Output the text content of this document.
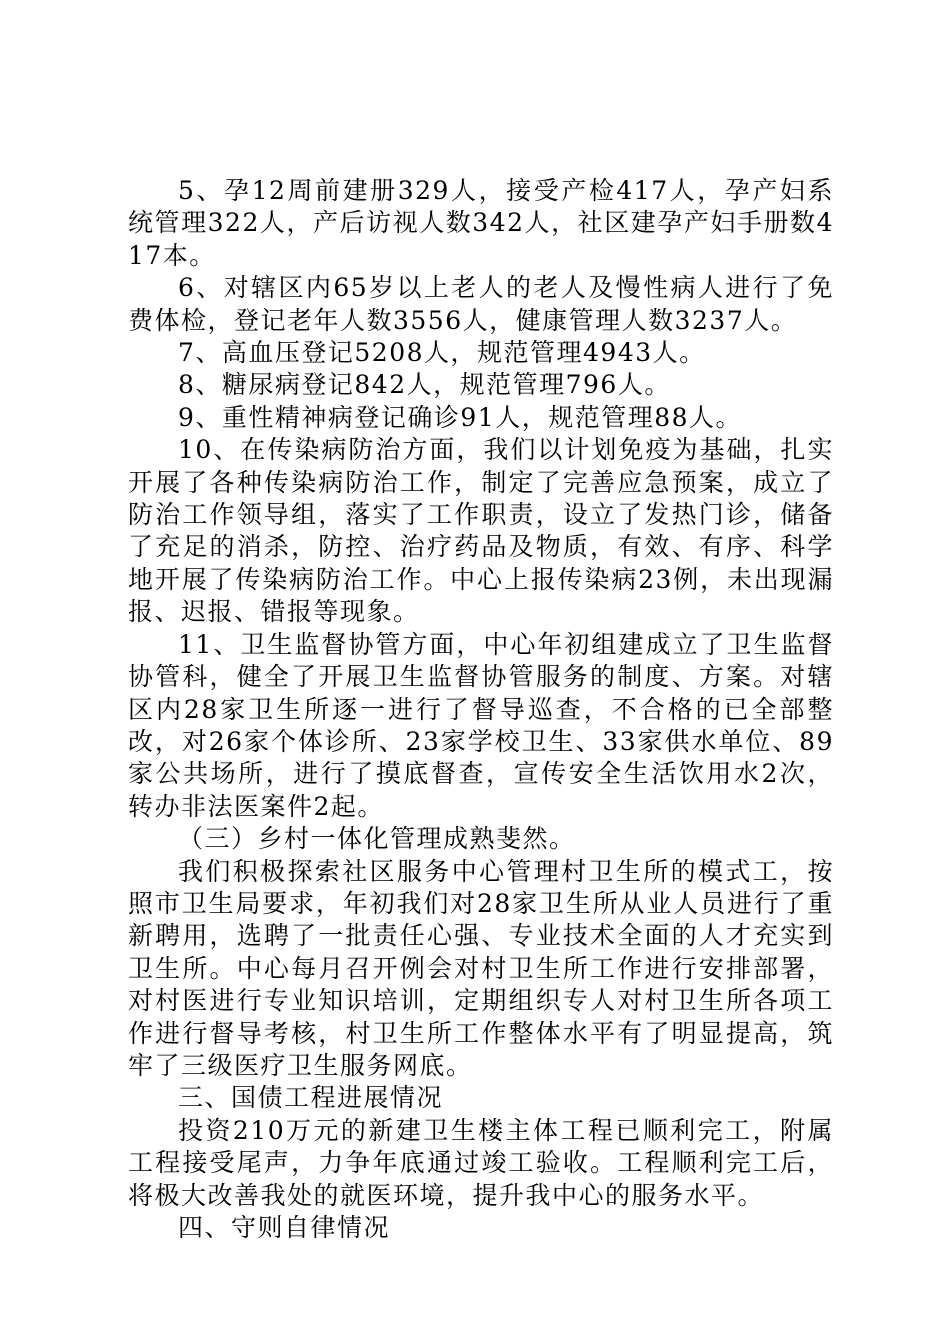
5、孕12周前建册329人，接受产检417人，孕产妇系统管理322人，产后访视人数342人，社区建孕产妇手册数417本。

6、对辖区内65岁以上老人的老人及慢性病人进行了免费体检，登记老年人数3556人，健康管理人数3237人。

7、高血压登记5208人，规范管理4943人。

8、糖尿病登记842人，规范管理796人。

9、重性精神病登记确诊91人，规范管理88人。

10、在传染病防治方面，我们以计划免疫为基础，扎实开展了各种传染病防治工作，制定了完善应急预案，成立了防治工作领导组，落实了工作职责，设立了发热门诊，储备了充足的消杀，防控、治疗药品及物质，有效、有序、科学地开展了传染病防治工作。中心上报传染病23例，未出现漏报、迟报、错报等现象。

11、卫生监督协管方面，中心年初组建成立了卫生监督协管科，健全了开展卫生监督协管服务的制度、方案。对辖区内28家卫生所逐一进行了督导巡查，不合格的已全部整改，对26家个体诊所、23家学校卫生、33家供水单位、89家公共场所，进行了摸底督查，宣传安全生活饮用水2次，转办非法医案件2起。

（三）乡村一体化管理成熟斐然。

我们积极探索社区服务中心管理村卫生所的模式工，按照市卫生局要求，年初我们对28家卫生所从业人员进行了重新聘用，选聘了一批责任心强、专业技术全面的人才充实到卫生所。中心每月召开例会对村卫生所工作进行安排部署，对村医进行专业知识培训，定期组织专人对村卫生所各项工作进行督导考核，村卫生所工作整体水平有了明显提高，筑牢了三级医疗卫生服务网底。

三、国债工程进展情况

投资210万元的新建卫生楼主体工程已顺利完工，附属工程接受尾声，力争年底通过竣工验收。工程顺利完工后，将极大改善我处的就医环境，提升我中心的服务水平。

四、守则自律情况
